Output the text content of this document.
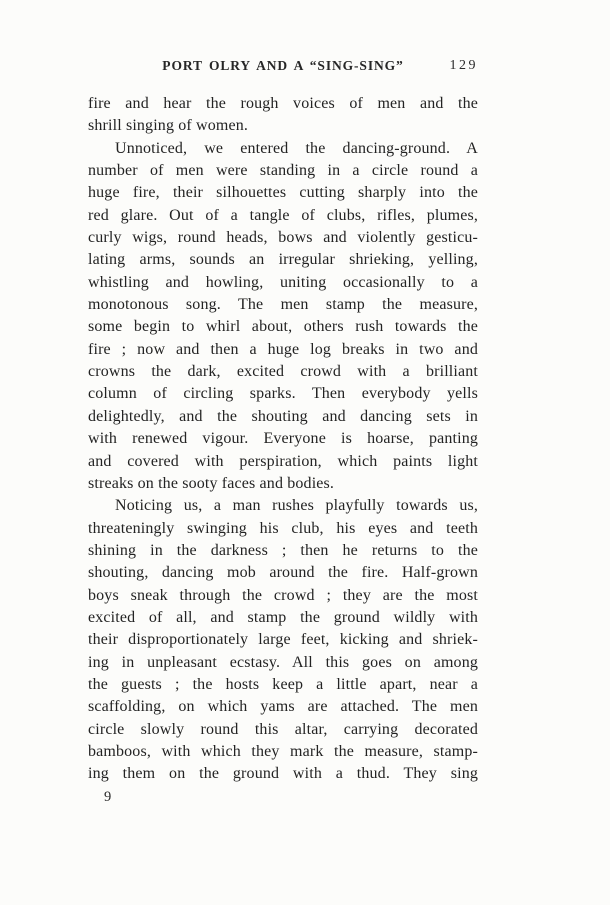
PORT OLRY AND A “SING-SING”	129
fire and hear the rough voices of men and the
shrill singing of women.
Unnoticed, we entered the dancing-ground. A
number of men were standing in a circle round a
huge fire, their silhouettes cutting sharply into the
red glare. Out of a tangle of clubs, rifles, plumes,
curly wigs, round heads, bows and violently gesticu-
lating arms, sounds an irregular shrieking, yelling,
whistling and howling, uniting occasionally to a
monotonous song. The men stamp the measure,
some begin to whirl about, others rush towards the
fire ; now and then a huge log breaks in two and
crowns the dark, excited crowd with a brilliant
column of circling sparks. Then everybody yells
delightedly, and the shouting and dancing sets in
with renewed vigour. Everyone is hoarse, panting
and covered with perspiration, which paints light
streaks on the sooty faces and bodies.
Noticing us, a man rushes playfully towards us,
threateningly swinging his club, his eyes and teeth
shining in the darkness ; then he returns to the
shouting, dancing mob around the fire. Half-grown
boys sneak through the crowd ; they are the most
excited of all, and stamp the ground wildly with
their disproportionately large feet, kicking and shriek-
ing in unpleasant ecstasy. All this goes on among
the guests ; the hosts keep a little apart, near a
scaffolding, on which yams are attached. The men
circle slowly round this altar, carrying decorated
bamboos, with which they mark the measure, stamp-
ing them on the ground with a thud. They sing
9
